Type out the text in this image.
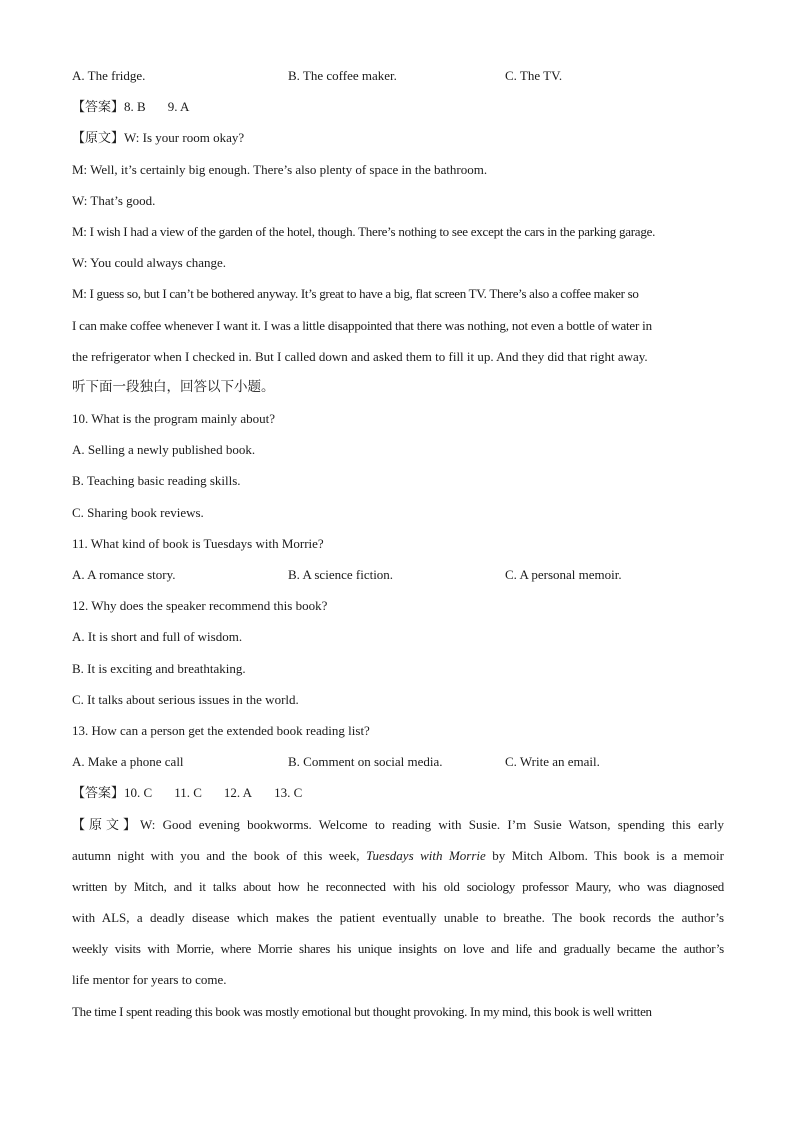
A. The fridge.	B. The coffee maker.	C. The TV.
【答案】8. B 9. A
【原文】W: Is your room okay?
M: Well, it’s certainly big enough. There’s also plenty of space in the bathroom.
W: That’s good.
M: I wish I had a view of the garden of the hotel, though. There’s nothing to see except the cars in the parking garage.
W: You could always change.
M: I guess so, but I can’t be bothered anyway. It’s great to have a big, flat screen TV. There’s also a coffee maker so
I can make coffee whenever I want it. I was a little disappointed that there was nothing, not even a bottle of water in
the refrigerator when I checked in. But I called down and asked them to fill it up. And they did that right away.
听下面一段独白，回答以下小题。
10. What is the program mainly about?
A. Selling a newly published book.
B. Teaching basic reading skills.
C. Sharing book reviews.
11. What kind of book is Tuesdays with Morrie?
A. A romance story.	B. A science fiction.	C. A personal memoir.
12. Why does the speaker recommend this book?
A. It is short and full of wisdom.
B. It is exciting and breathtaking.
C. It talks about serious issues in the world.
13. How can a person get the extended book reading list?
A. Make a phone call	B. Comment on social media.	C. Write an email.
【答案】10. C 11. C 12. A 13. C
【原文】W: Good evening bookworms. Welcome to reading with Susie. I’m Susie Watson, spending this early
autumn night with you and the book of this week, Tuesdays with Morrie by Mitch Albom. This book is a memoir
written by Mitch, and it talks about how he reconnected with his old sociology professor Maury, who was diagnosed
with ALS, a deadly disease which makes the patient eventually unable to breathe. The book records the author’s
weekly visits with Morrie, where Morrie shares his unique insights on love and life and gradually became the author’s
life mentor for years to come.
The time I spent reading this book was mostly emotional but thought provoking. In my mind, this book is well written
